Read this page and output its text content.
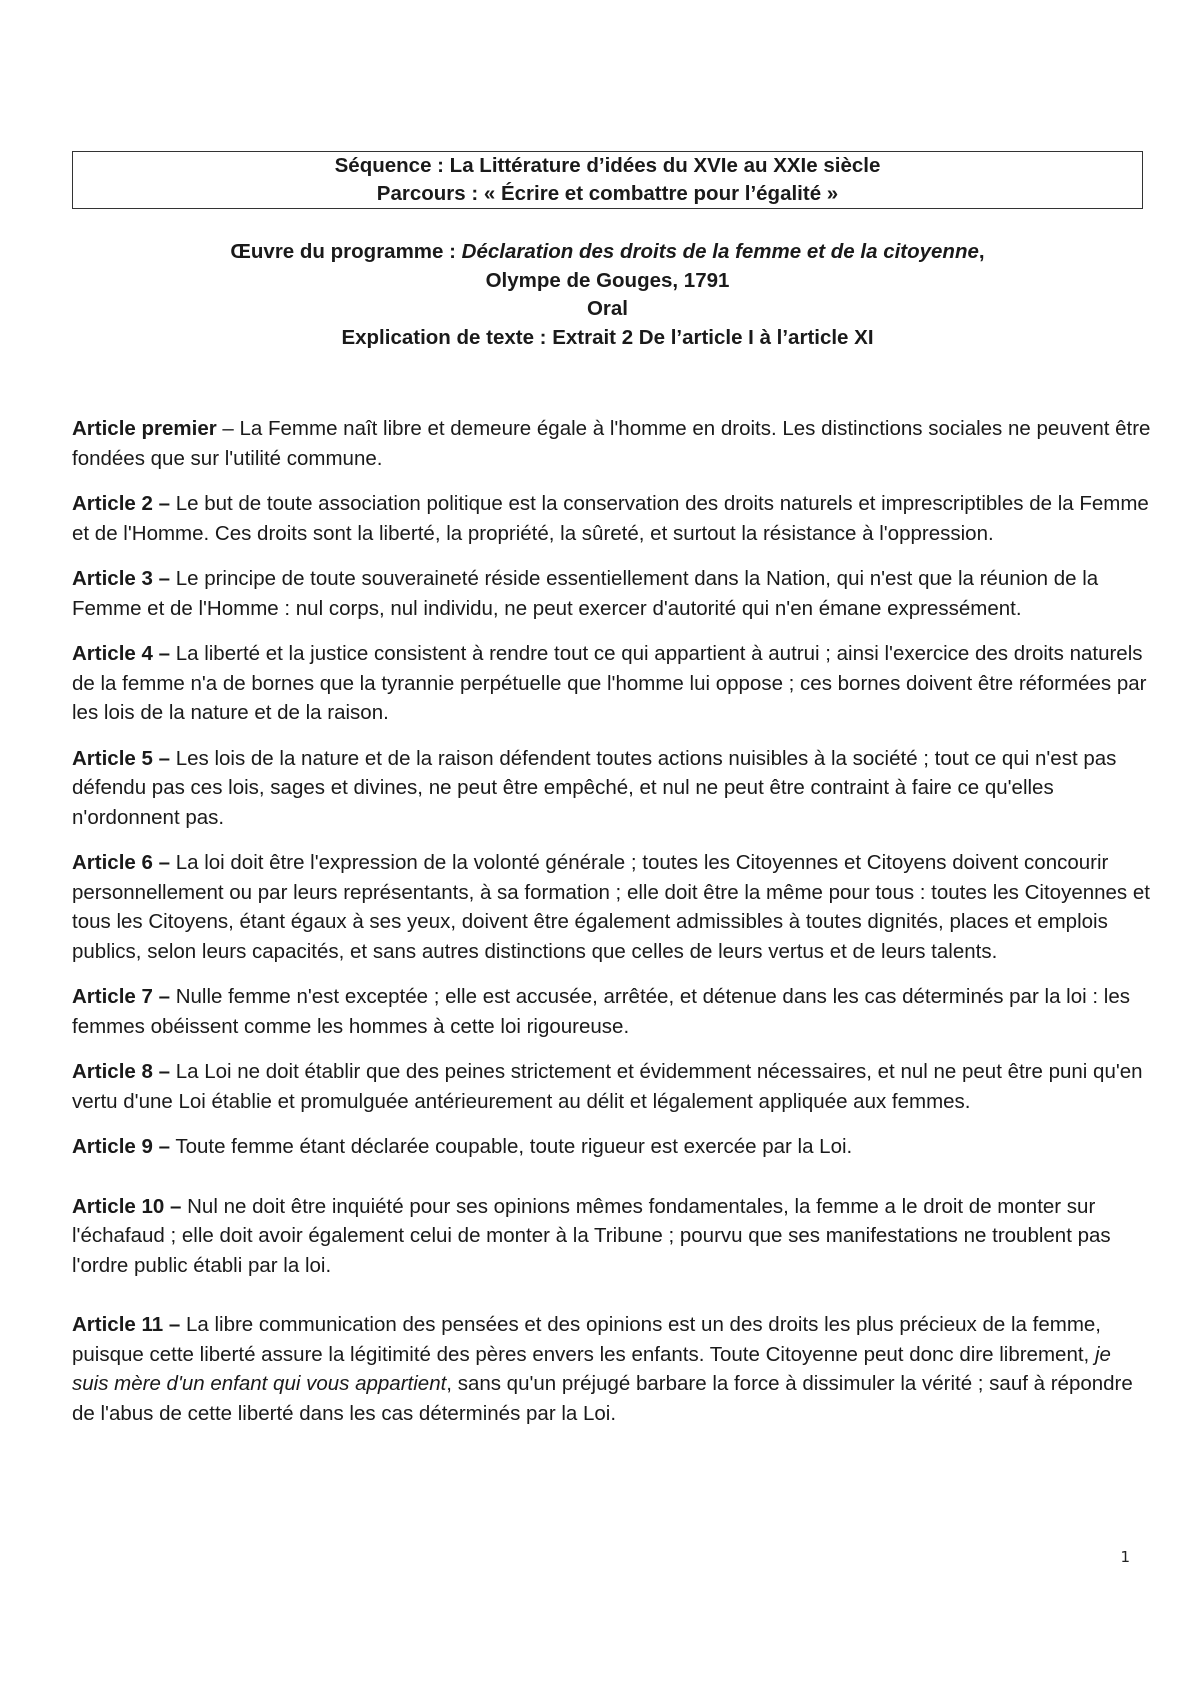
Séquence : La Littérature d’idées du XVIe au XXIe siècle
Parcours : « Écrire et combattre pour l’égalité »
Œuvre du programme : Déclaration des droits de la femme et de la citoyenne,
Olympe de Gouges, 1791
Oral
Explication de texte : Extrait 2 De l’article I à l’article XI

Article premier – La Femme naît libre et demeure égale à l'homme en droits. Les distinctions sociales ne peuvent être fondées que sur l'utilité commune.

Article 2 – Le but de toute association politique est la conservation des droits naturels et imprescriptibles de la Femme et de l'Homme. Ces droits sont la liberté, la propriété, la sûreté, et surtout la résistance à l'oppression.

Article 3 – Le principe de toute souveraineté réside essentiellement dans la Nation, qui n'est que la réunion de la Femme et de l'Homme : nul corps, nul individu, ne peut exercer d'autorité qui n'en émane expressément.

Article 4 – La liberté et la justice consistent à rendre tout ce qui appartient à autrui ; ainsi l'exercice des droits naturels de la femme n'a de bornes que la tyrannie perpétuelle que l'homme lui oppose ; ces bornes doivent être réformées par les lois de la nature et de la raison.

Article 5 – Les lois de la nature et de la raison défendent toutes actions nuisibles à la société ; tout ce qui n'est pas défendu pas ces lois, sages et divines, ne peut être empêché, et nul ne peut être contraint à faire ce qu'elles n'ordonnent pas.

Article 6 – La loi doit être l'expression de la volonté générale ; toutes les Citoyennes et Citoyens doivent concourir personnellement ou par leurs représentants, à sa formation ; elle doit être la même pour tous : toutes les Citoyennes et tous les Citoyens, étant égaux à ses yeux, doivent être également admissibles à toutes dignités, places et emplois publics, selon leurs capacités, et sans autres distinctions que celles de leurs vertus et de leurs talents.

Article 7 – Nulle femme n'est exceptée ; elle est accusée, arrêtée, et détenue dans les cas déterminés par la loi : les femmes obéissent comme les hommes à cette loi rigoureuse.

Article 8 – La Loi ne doit établir que des peines strictement et évidemment nécessaires, et nul ne peut être puni qu'en vertu d'une Loi établie et promulguée antérieurement au délit et légalement appliquée aux femmes.

Article 9 – Toute femme étant déclarée coupable, toute rigueur est exercée par la Loi.

Article 10 – Nul ne doit être inquiété pour ses opinions mêmes fondamentales, la femme a le droit de monter sur l'échafaud ; elle doit avoir également celui de monter à la Tribune ; pourvu que ses manifestations ne troublent pas l'ordre public établi par la loi.

Article 11 – La libre communication des pensées et des opinions est un des droits les plus précieux de la femme, puisque cette liberté assure la légitimité des pères envers les enfants. Toute Citoyenne peut donc dire librement, je suis mère d'un enfant qui vous appartient, sans qu'un préjugé barbare la force à dissimuler la vérité ; sauf à répondre de l'abus de cette liberté dans les cas déterminés par la Loi.

1
